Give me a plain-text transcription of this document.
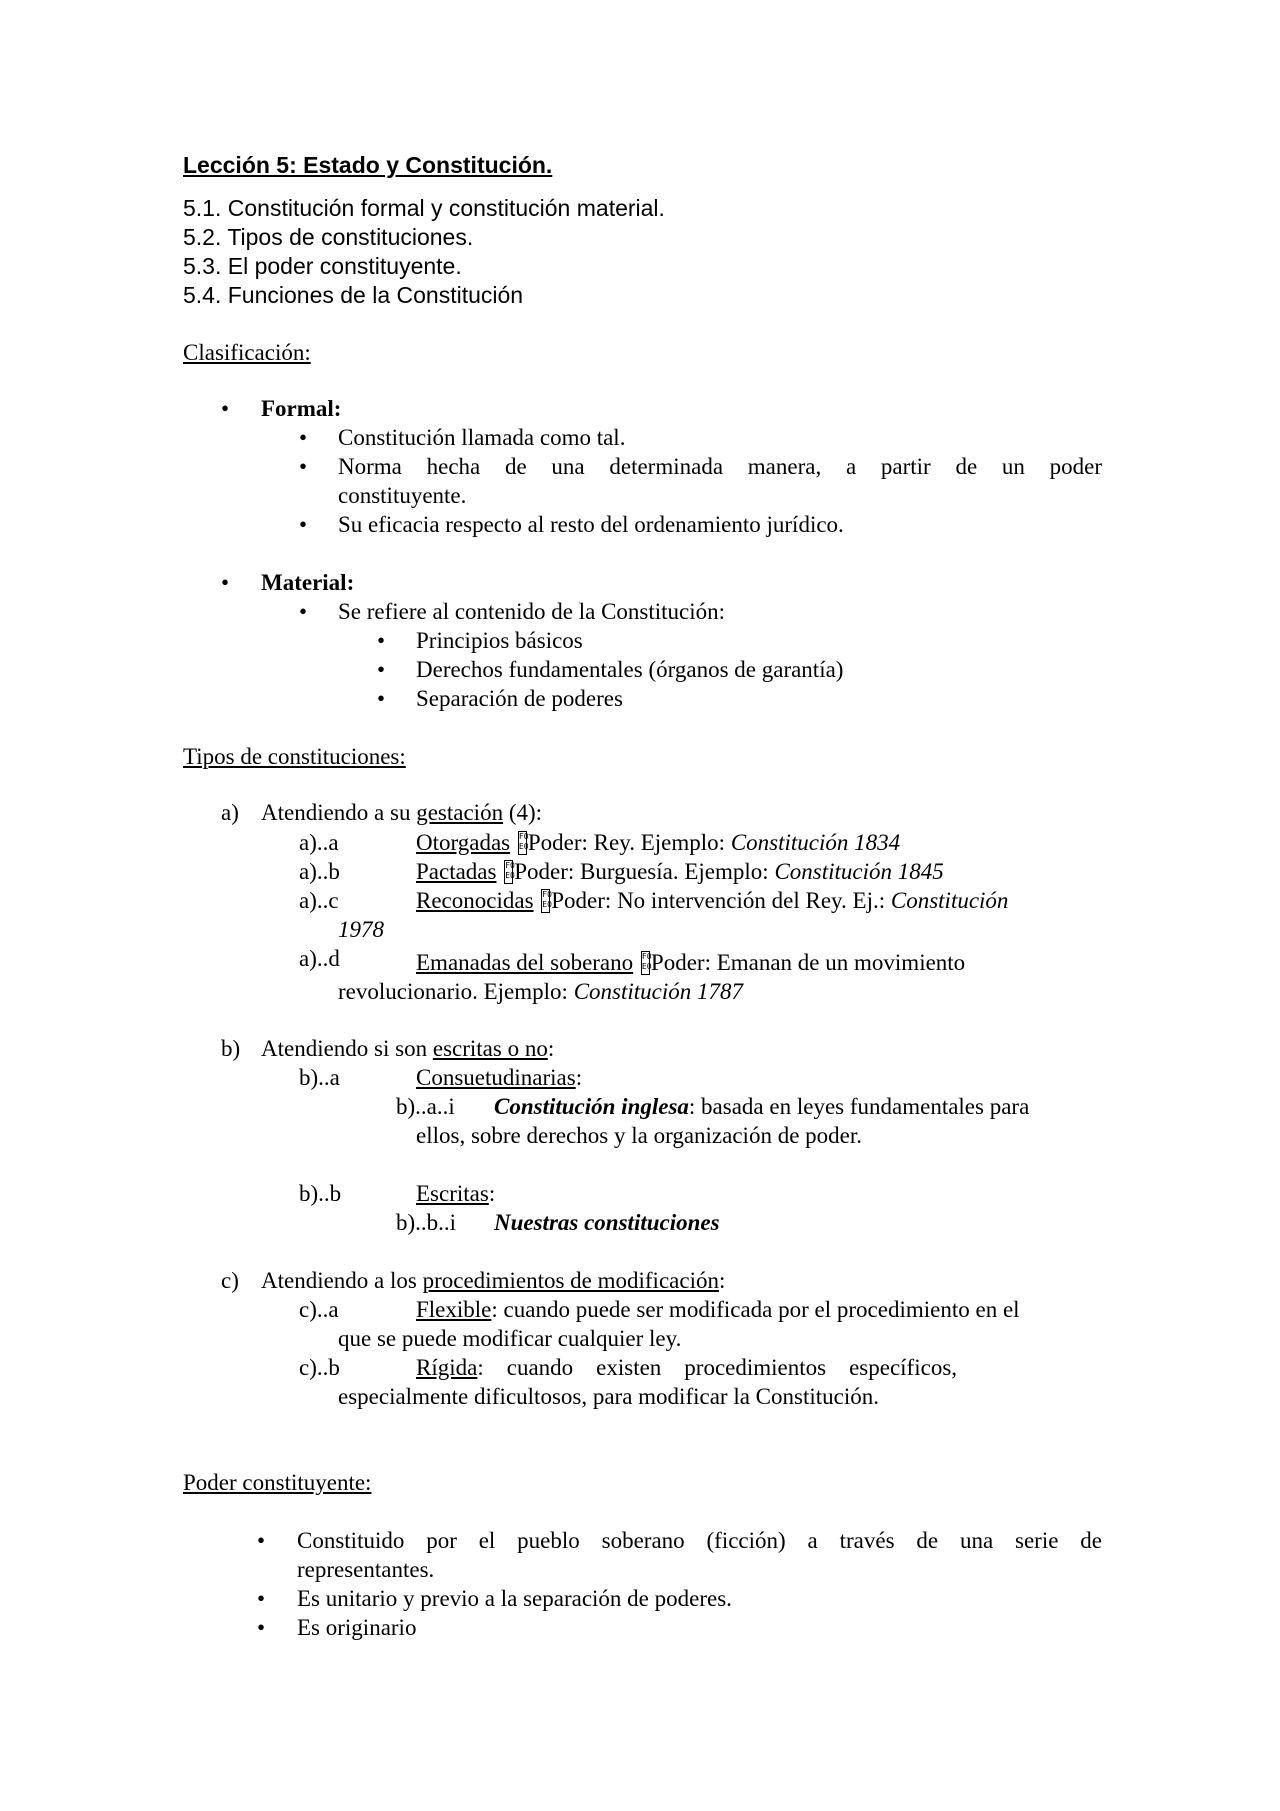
Lección 5: Estado y Constitución.
5.1. Constitución formal y constitución material.
5.2. Tipos de constituciones.
5.3. El poder constituyente.
5.4. Funciones de la Constitución
Clasificación:
• Formal:
• Constitución llamada como tal.
• Norma hecha de una determinada manera, a partir de un poder
constituyente.
• Su eficacia respecto al resto del ordenamiento jurídico.
• Material:
• Se refiere al contenido de la Constitución:
• Principios básicos
• Derechos fundamentales (órganos de garantía)
• Separación de poderes
Tipos de constituciones:
a) Atendiendo a su gestación (4):
a)..a	Otorgadas F0 E0 Poder: Rey. Ejemplo: Constitución 1834
a)..b	Pactadas F0 E0 Poder: Burguesía. Ejemplo: Constitución 1845
a)..c	Reconocidas F0 E0 Poder: No intervención del Rey. Ej.: Constitución
1978
a)..d	Emanadas del soberano F0 E0 Poder: Emanan de un movimiento
revolucionario. Ejemplo: Constitución 1787
b) Atendiendo si son escritas o no:
b)..a	Consuetudinarias:
b)..a..i Constitución inglesa: basada en leyes fundamentales para
ellos, sobre derechos y la organización de poder.
b)..b	Escritas:
b)..b..i Nuestras constituciones
c) Atendiendo a los procedimientos de modificación:
c)..a	Flexible: cuando puede ser modificada por el procedimiento en el
que se puede modificar cualquier ley.
c)..b	Rígida:    cuando    existen    procedimientos    específicos,
especialmente dificultosos, para modificar la Constitución.
Poder constituyente:
• Constituido por el pueblo soberano (ficción) a través de una serie de
representantes.
• Es unitario y previo a la separación de poderes.
• Es originario
